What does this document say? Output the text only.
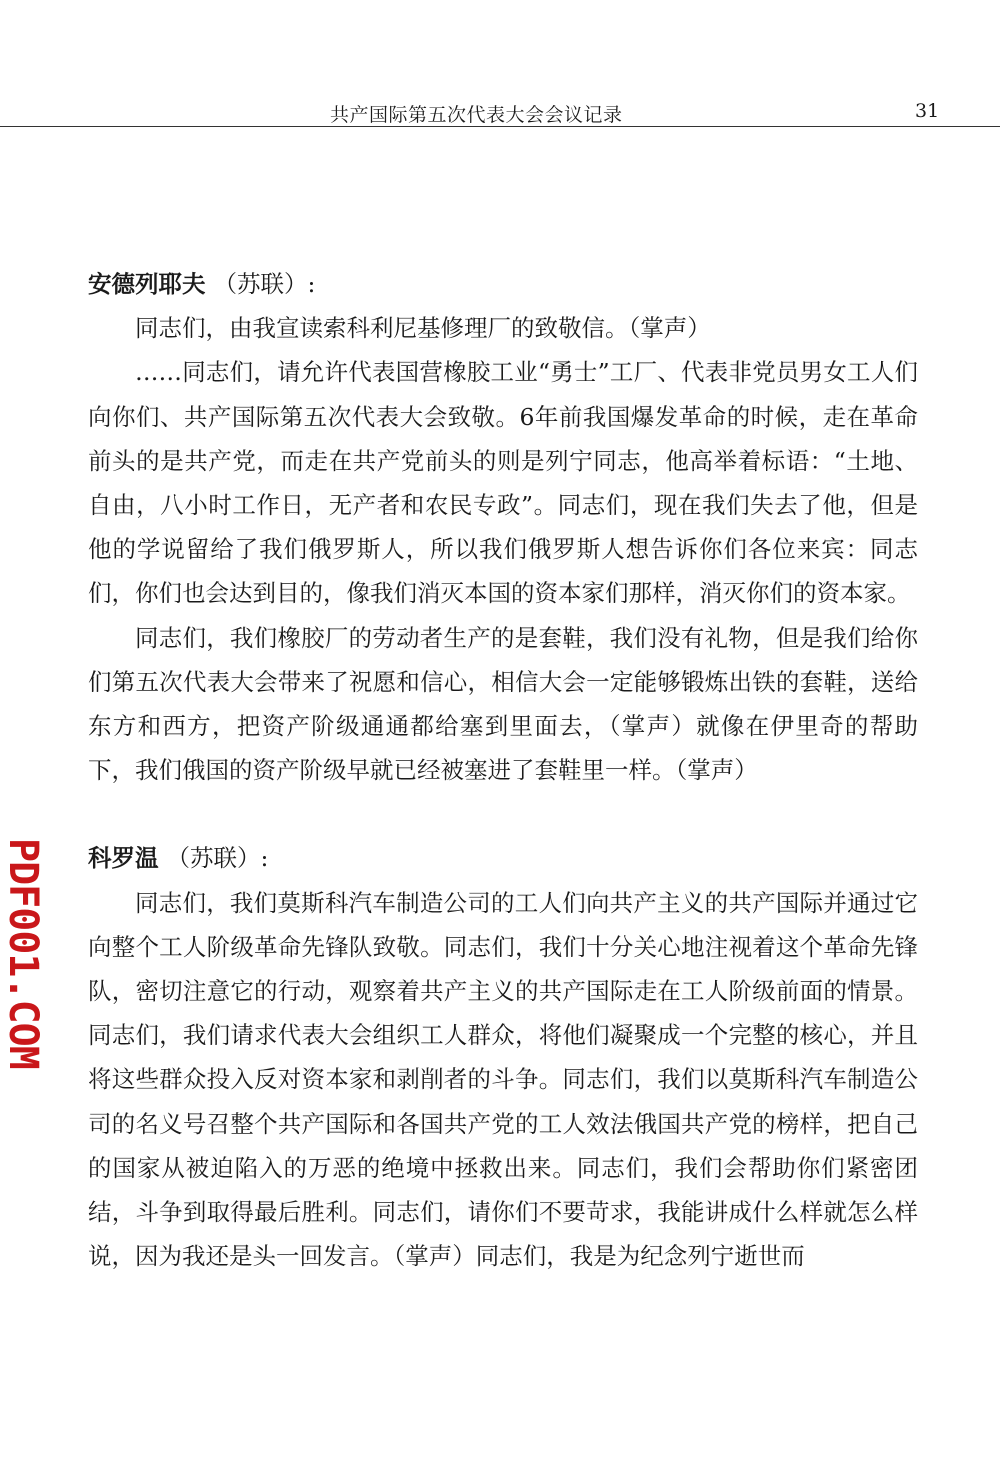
共产国际第五次代表大会会议记录	31
PDF001.COM

安德列耶夫 （苏联）:

同志们，由我宣读索科利尼基修理厂的致敬信。（掌声）

……同志们，请允许代表国营橡胶工业“勇士”工厂、代表非党员男女工人们向你们、共产国际第五次代表大会致敬。6年前我国爆发革命的时候，走在革命前头的是共产党，而走在共产党前头的则是列宁同志，他高举着标语：“土地、自由，八小时工作日，无产者和农民专政”。同志们，现在我们失去了他，但是他的学说留给了我们俄罗斯人，所以我们俄罗斯人想告诉你们各位来宾：同志们，你们也会达到目的，像我们消灭本国的资本家们那样，消灭你们的资本家。

同志们，我们橡胶厂的劳动者生产的是套鞋，我们没有礼物，但是我们给你们第五次代表大会带来了祝愿和信心，相信大会一定能够锻炼出铁的套鞋，送给东方和西方，把资产阶级通通都给塞到里面去，（掌声）就像在伊里奇的帮助下，我们俄国的资产阶级早就已经被塞进了套鞋里一样。（掌声）

科罗温 （苏联）:

同志们，我们莫斯科汽车制造公司的工人们向共产主义的共产国际并通过它向整个工人阶级革命先锋队致敬。同志们，我们十分关心地注视着这个革命先锋队，密切注意它的行动，观察着共产主义的共产国际走在工人阶级前面的情景。同志们，我们请求代表大会组织工人群众，将他们凝聚成一个完整的核心，并且将这些群众投入反对资本家和剥削者的斗争。同志们，我们以莫斯科汽车制造公司的名义号召整个共产国际和各国共产党的工人效法俄国共产党的榜样，把自己的国家从被迫陷入的万恶的绝境中拯救出来。同志们，我们会帮助你们紧密团结，斗争到取得最后胜利。同志们，请你们不要苛求，我能讲成什么样就怎么样说，因为我还是头一回发言。（掌声）同志们，我是为纪念列宁逝世而
